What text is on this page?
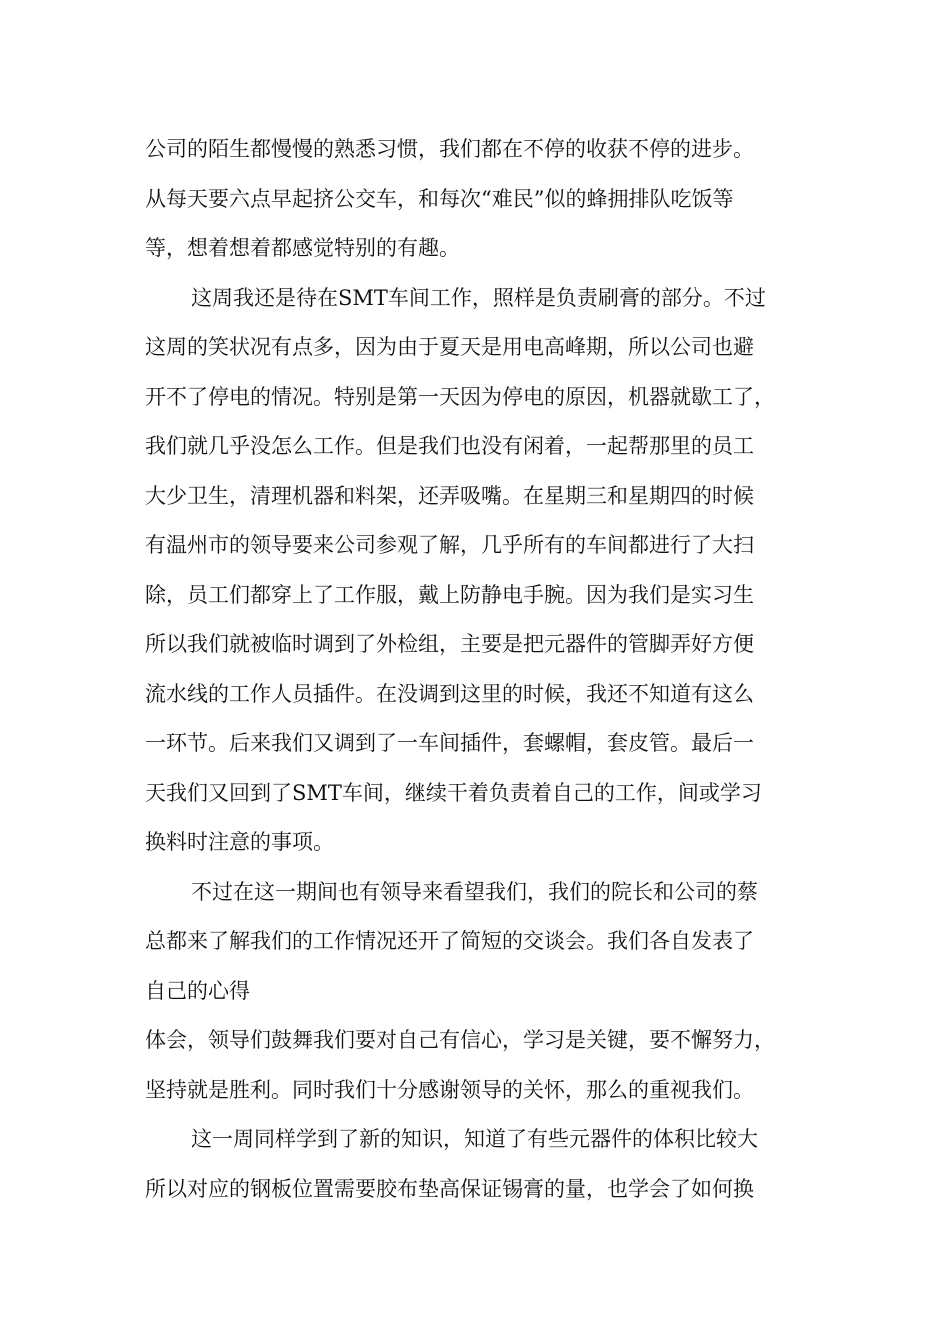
公司的陌生都慢慢的熟悉习惯，我们都在不停的收获不停的进步。
从每天要六点早起挤公交车，和每次“难民”似的蜂拥排队吃饭等
等，想着想着都感觉特别的有趣。
这周我还是待在SMT车间工作，照样是负责刷膏的部分。不过
这周的笑状况有点多，因为由于夏天是用电高峰期，所以公司也避
开不了停电的情况。特别是第一天因为停电的原因，机器就歇工了，
我们就几乎没怎么工作。但是我们也没有闲着，一起帮那里的员工
大少卫生，清理机器和料架，还弄吸嘴。在星期三和星期四的时候
有温州市的领导要来公司参观了解，几乎所有的车间都进行了大扫
除，员工们都穿上了工作服，戴上防静电手腕。因为我们是实习生
所以我们就被临时调到了外检组，主要是把元器件的管脚弄好方便
流水线的工作人员插件。在没调到这里的时候，我还不知道有这么
一环节。后来我们又调到了一车间插件，套螺帽，套皮管。最后一
天我们又回到了SMT车间，继续干着负责着自己的工作，间或学习
换料时注意的事项。
不过在这一期间也有领导来看望我们，我们的院长和公司的蔡
总都来了解我们的工作情况还开了简短的交谈会。我们各自发表了
自己的心得
体会，领导们鼓舞我们要对自己有信心，学习是关键，要不懈努力，
坚持就是胜利。同时我们十分感谢领导的关怀，那么的重视我们。
这一周同样学到了新的知识，知道了有些元器件的体积比较大
所以对应的钢板位置需要胶布垫高保证锡膏的量，也学会了如何换
